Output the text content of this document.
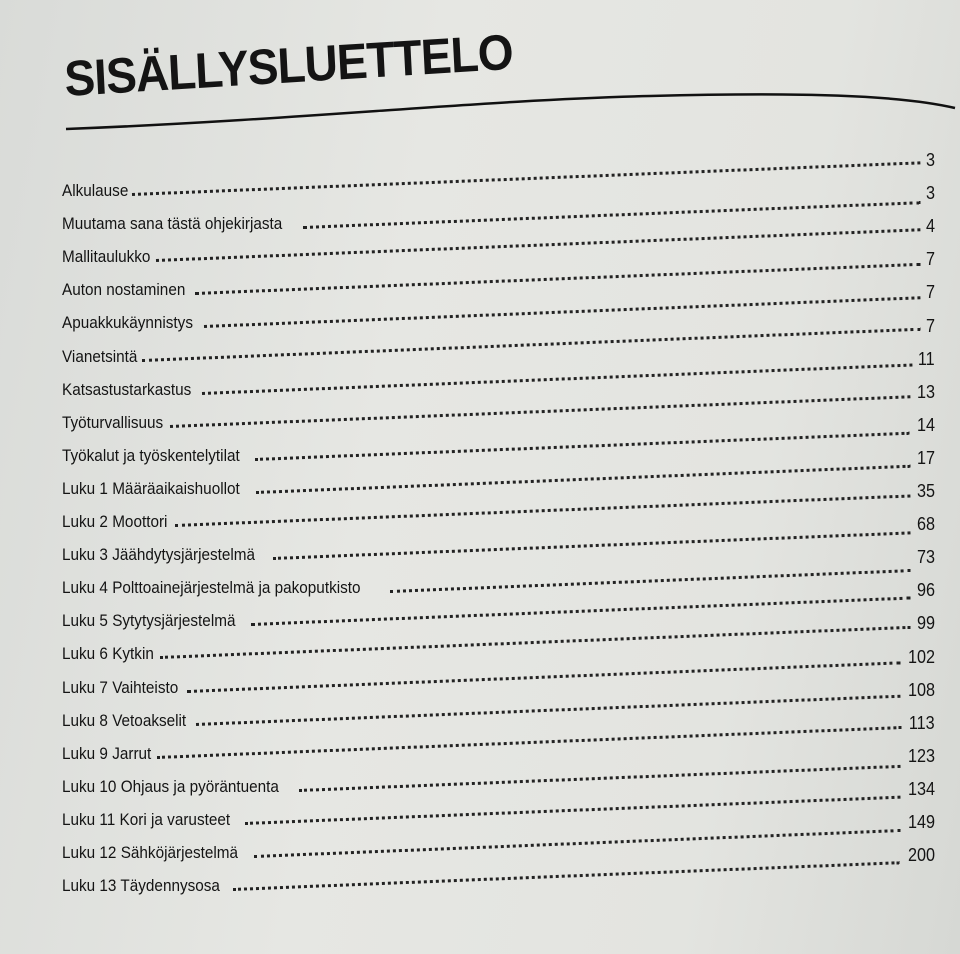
SISÄLLYSLUETTELO
Alkulause
3
Muutama sana tästä ohjekirjasta
3
Mallitaulukko
4
Auton nostaminen
7
Apuakkukäynnistys
7
Vianetsintä
7
Katsastustarkastus
11
Työturvallisuus
13
Työkalut ja työskentelytilat
14
Luku 1 Määräaikaishuollot
17
Luku 2 Moottori
35
Luku 3 Jäähdytysjärjestelmä
68
Luku 4 Polttoainejärjestelmä ja pakoputkisto
73
Luku 5 Sytytysjärjestelmä
96
Luku 6 Kytkin
99
Luku 7 Vaihteisto
102
Luku 8 Vetoakselit
108
Luku 9 Jarrut
113
Luku 10 Ohjaus ja pyöräntuenta
123
Luku 11 Kori ja varusteet
134
Luku 12 Sähköjärjestelmä
149
Luku 13 Täydennysosa
200
